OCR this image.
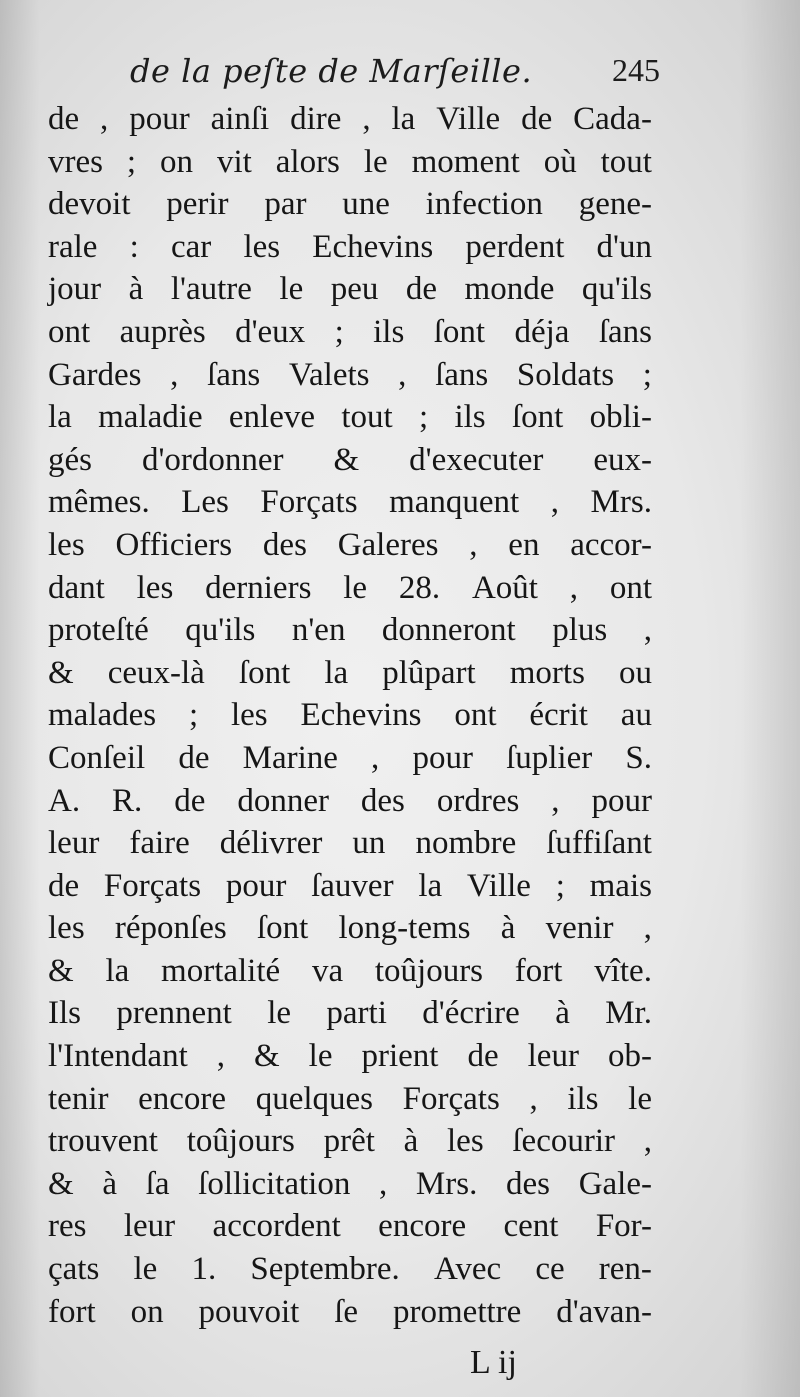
de la peſte de Marſeille. 245
de , pour ainſi dire , la Ville de Cada-
vres ; on vit alors le moment où tout
devoit perir par une infection gene-
rale : car les Echevins perdent d'un
jour à l'autre le peu de monde qu'ils
ont auprès d'eux ; ils ſont déja ſans
Gardes , ſans Valets , ſans Soldats ;
la maladie enleve tout ; ils ſont obli-
gés d'ordonner & d'executer eux-
mêmes. Les Forçats manquent , Mrs.
les Officiers des Galeres , en accor-
dant les derniers le 28. Août , ont
proteſté qu'ils n'en donneront plus ,
& ceux-là ſont la plûpart morts ou
malades ; les Echevins ont écrit au
Conſeil de Marine , pour ſuplier S.
A. R. de donner des ordres , pour
leur faire délivrer un nombre ſuffiſant
de Forçats pour ſauver la Ville ; mais
les réponſes ſont long-tems à venir ,
& la mortalité va toûjours fort vîte.
Ils prennent le parti d'écrire à Mr.
l'Intendant , & le prient de leur ob-
tenir encore quelques Forçats , ils le
trouvent toûjours prêt à les ſecourir ,
& à ſa ſollicitation , Mrs. des Gale-
res leur accordent encore cent For-
çats le 1. Septembre. Avec ce ren-
fort on pouvoit ſe promettre d'avan-
L ij
